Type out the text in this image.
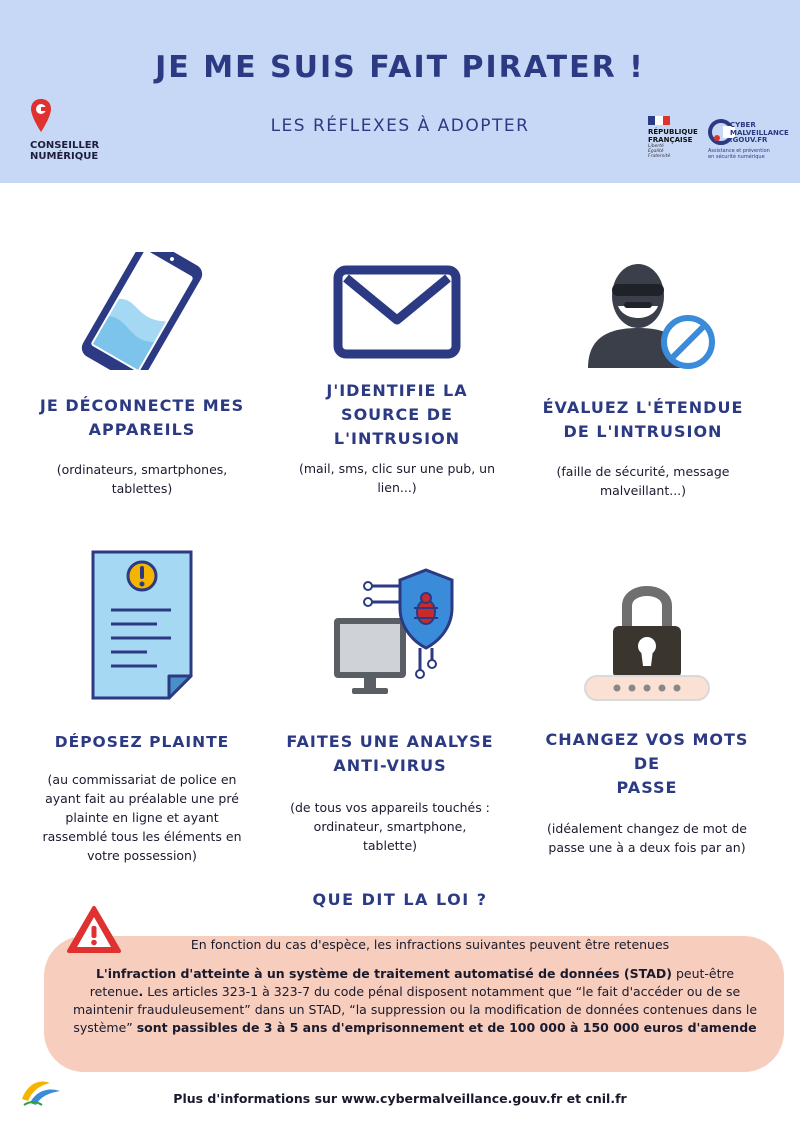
JE ME SUIS FAIT PIRATER !
LES RÉFLEXES À ADOPTER
CONSEILLER
NUMÉRIQUE
RÉPUBLIQUE
FRANÇAISE
Liberté
Égalité
Fraternité
CYBER
MALVEILLANCE
.GOUV.FR
Assistance et prévention
en sécurité numérique
JE DÉCONNECTE MES
APPAREILS
(ordinateurs, smartphones,
tablettes)
J'IDENTIFIE LA
SOURCE DE
L'INTRUSION
(mail, sms, clic sur une pub, un
lien...)
ÉVALUEZ L'ÉTENDUE
DE L'INTRUSION
(faille de sécurité, message
malveillant...)
DÉPOSEZ PLAINTE
(au commissariat de police en
ayant fait au préalable une pré
plainte en ligne et ayant
rassemblé tous les éléments en
votre possession)
FAITES UNE ANALYSE
ANTI-VIRUS
(de tous vos appareils touchés :
ordinateur, smartphone,
tablette)
CHANGEZ VOS MOTS DE
PASSE
(idéalement changez de mot de
passe une à a deux fois par an)
QUE DIT LA LOI ?
En fonction du cas d'espèce, les infractions suivantes peuvent être retenues
L'infraction d'atteinte à un système de traitement automatisé de données (STAD) peut-être retenue. Les articles 323-1 à 323-7 du code pénal disposent notamment que “le fait d'accéder ou de se maintenir frauduleusement” dans un STAD, “la suppression ou la modification de données contenues dans le système” sont passibles de 3 à 5 ans d'emprisonnement et de 100 000 à 150 000 euros d'amende
Plus d'informations sur www.cybermalveillance.gouv.fr et cnil.fr
